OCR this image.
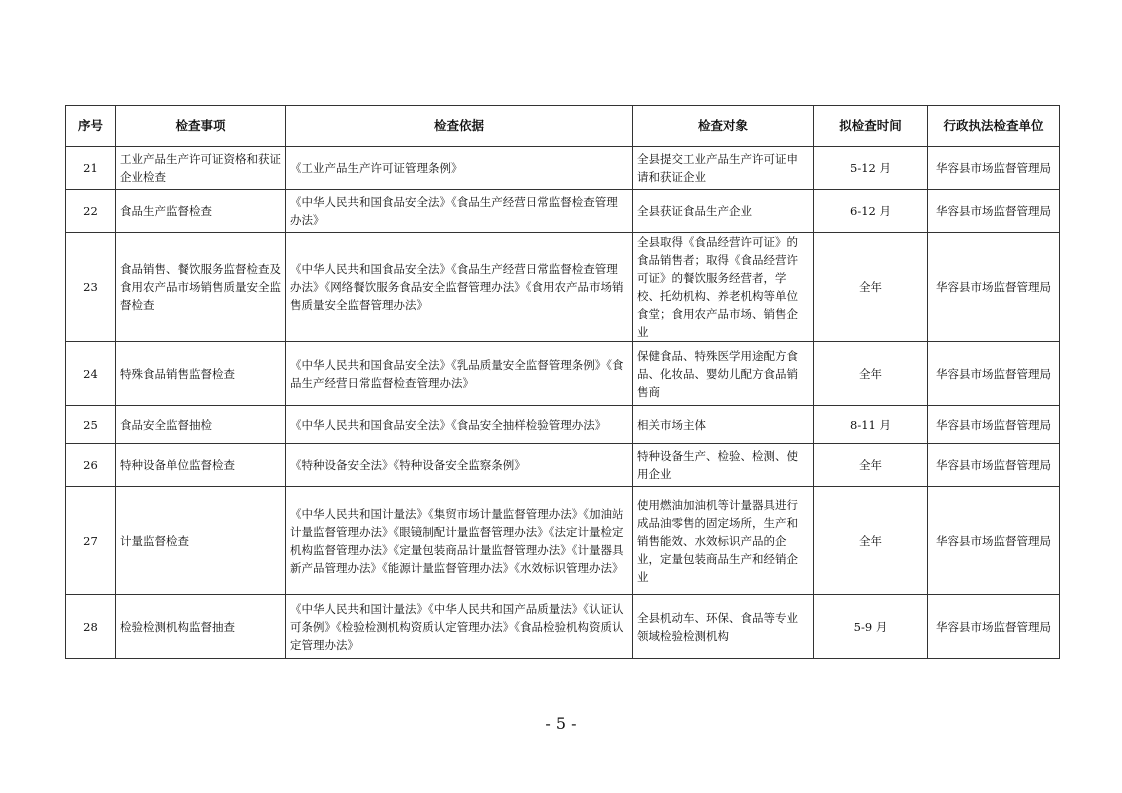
序号	检查事项	检查依据	检查对象	拟检查时间	行政执法检查单位
21	工业产品生产许可证资格和获证企业检查	《工业产品生产许可证管理条例》	全县提交工业产品生产许可证申请和获证企业	5-12 月	华容县市场监督管理局
22	食品生产监督检查	《中华人民共和国食品安全法》《食品生产经营日常监督检查管理办法》	全县获证食品生产企业	6-12 月	华容县市场监督管理局
23	食品销售、餐饮服务监督检查及食用农产品市场销售质量安全监督检查	《中华人民共和国食品安全法》《食品生产经营日常监督检查管理办法》《网络餐饮服务食品安全监督管理办法》《食用农产品市场销售质量安全监督管理办法》	全县取得《食品经营许可证》的食品销售者；取得《食品经营许可证》的餐饮服务经营者，学校、托幼机构、养老机构等单位食堂；食用农产品市场、销售企业	全年	华容县市场监督管理局
24	特殊食品销售监督检查	《中华人民共和国食品安全法》《乳品质量安全监督管理条例》《食品生产经营日常监督检查管理办法》	保健食品、特殊医学用途配方食品、化妆品、婴幼儿配方食品销售商	全年	华容县市场监督管理局
25	食品安全监督抽检	《中华人民共和国食品安全法》《食品安全抽样检验管理办法》	相关市场主体	8-11 月	华容县市场监督管理局
26	特种设备单位监督检查	《特种设备安全法》《特种设备安全监察条例》	特种设备生产、检验、检测、使用企业	全年	华容县市场监督管理局
27	计量监督检查	《中华人民共和国计量法》《集贸市场计量监督管理办法》《加油站计量监督管理办法》《眼镜制配计量监督管理办法》《法定计量检定机构监督管理办法》《定量包装商品计量监督管理办法》《计量器具新产品管理办法》《能源计量监督管理办法》《水效标识管理办法》	使用燃油加油机等计量器具进行成品油零售的固定场所，生产和销售能效、水效标识产品的企业，定量包装商品生产和经销企业	全年	华容县市场监督管理局
28	检验检测机构监督抽查	《中华人民共和国计量法》《中华人民共和国产品质量法》《认证认可条例》《检验检测机构资质认定管理办法》《食品检验机构资质认定管理办法》	全县机动车、环保、食品等专业领域检验检测机构	5-9 月	华容县市场监督管理局
- 5 -
